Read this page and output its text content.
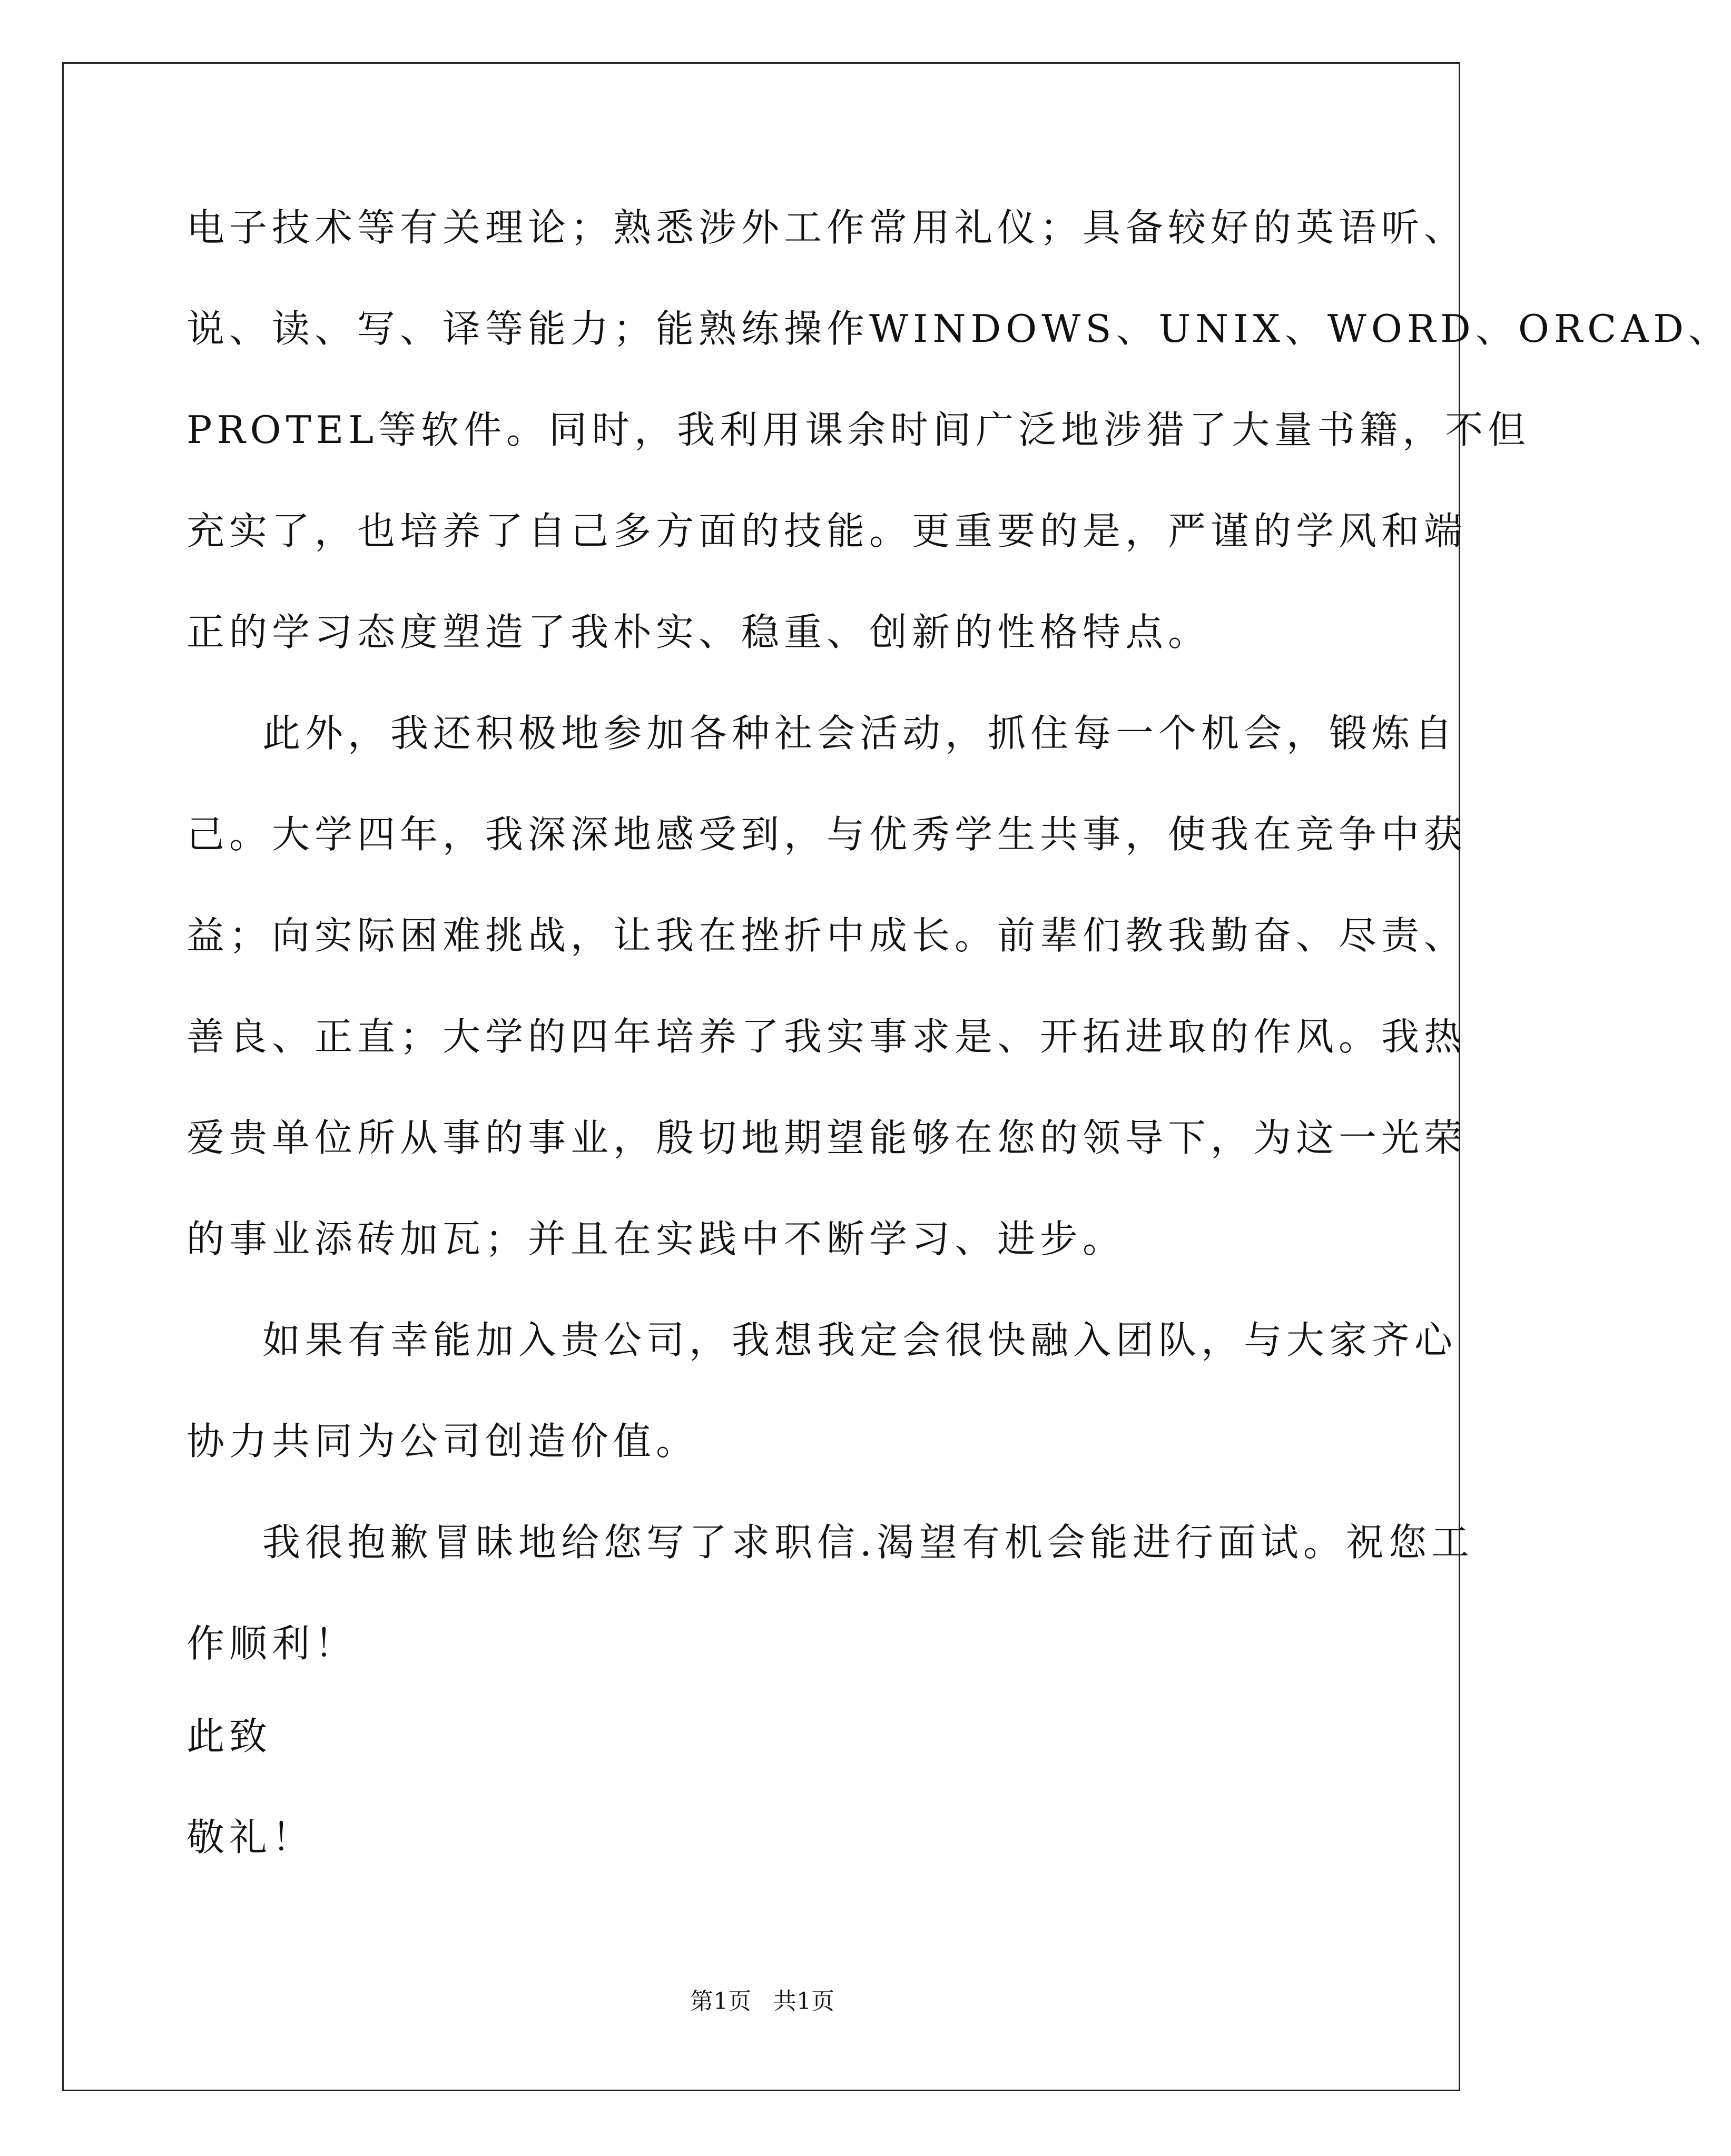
电子技术等有关理论；熟悉涉外工作常用礼仪；具备较好的英语听、

说、读、写、译等能力；能熟练操作WINDOWS、UNIX、WORD、ORCAD、

PROTEL等软件。同时，我利用课余时间广泛地涉猎了大量书籍，不但

充实了，也培养了自己多方面的技能。更重要的是，严谨的学风和端

正的学习态度塑造了我朴实、稳重、创新的性格特点。

此外，我还积极地参加各种社会活动，抓住每一个机会，锻炼自

己。大学四年，我深深地感受到，与优秀学生共事，使我在竞争中获

益；向实际困难挑战，让我在挫折中成长。前辈们教我勤奋、尽责、

善良、正直；大学的四年培养了我实事求是、开拓进取的作风。我热

爱贵单位所从事的事业，殷切地期望能够在您的领导下，为这一光荣

的事业添砖加瓦；并且在实践中不断学习、进步。

如果有幸能加入贵公司，我想我定会很快融入团队，与大家齐心

协力共同为公司创造价值。

我很抱歉冒昧地给您写了求职信.渴望有机会能进行面试。祝您工

作顺利！

此致

敬礼！

第1页   共1页
